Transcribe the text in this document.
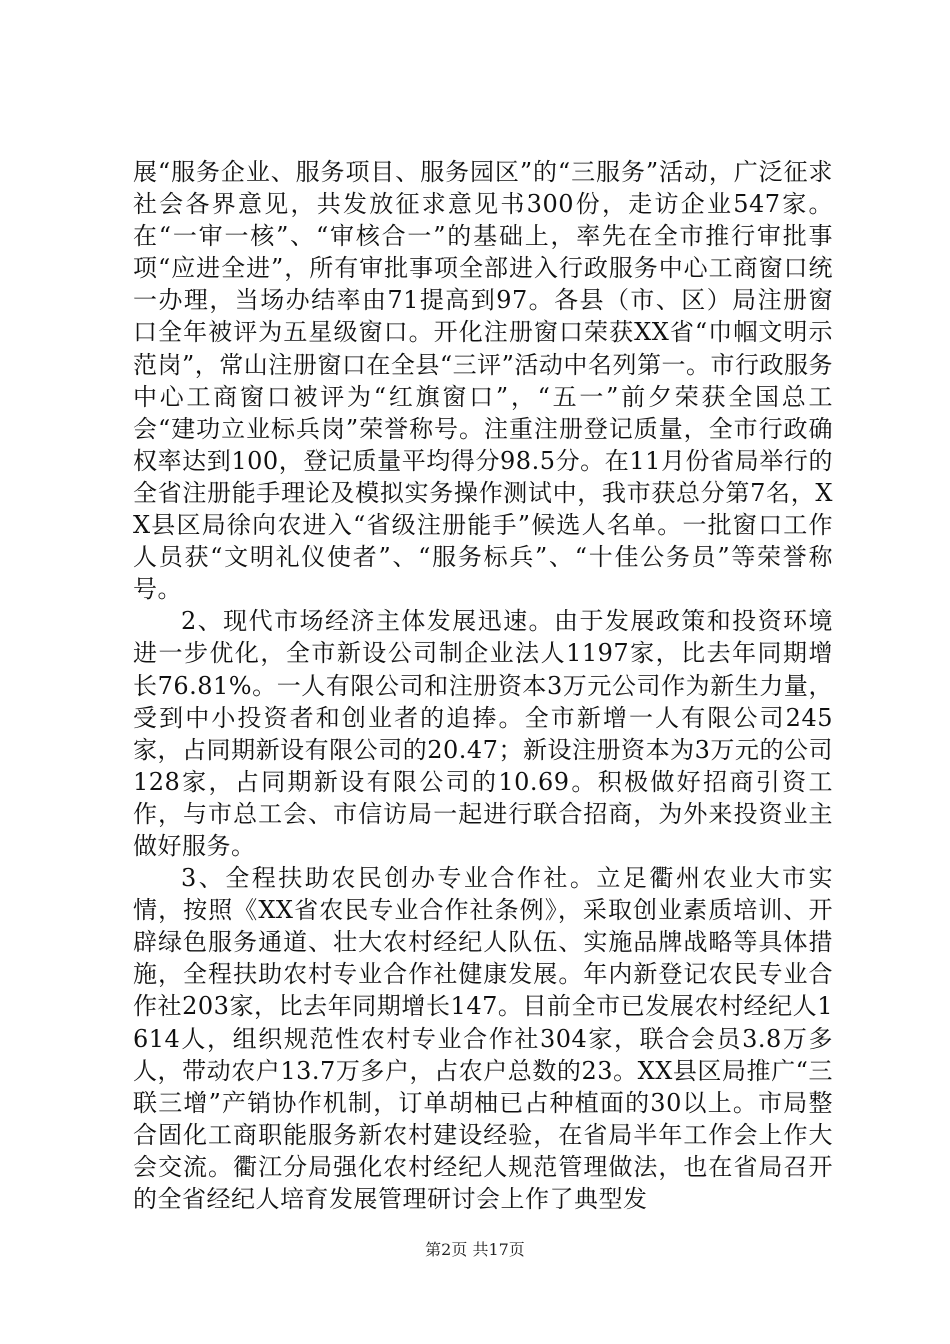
展“服务企业、服务项目、服务园区”的“三服务”活动，广泛征求社会各界意见，共发放征求意见书300份，走访企业547家。在“一审一核”、“审核合一”的基础上，率先在全市推行审批事项“应进全进”，所有审批事项全部进入行政服务中心工商窗口统一办理，当场办结率由71提高到97。各县（市、区）局注册窗口全年被评为五星级窗口。开化注册窗口荣获XX省“巾帼文明示范岗”，常山注册窗口在全县“三评”活动中名列第一。市行政服务中心工商窗口被评为“红旗窗口”，“五一”前夕荣获全国总工会“建功立业标兵岗”荣誉称号。注重注册登记质量，全市行政确权率达到100，登记质量平均得分98.5分。在11月份省局举行的全省注册能手理论及模拟实务操作测试中，我市获总分第7名，XX县区局徐向农进入“省级注册能手”候选人名单。一批窗口工作人员获“文明礼仪使者”、“服务标兵”、“十佳公务员”等荣誉称号。

2、现代市场经济主体发展迅速。由于发展政策和投资环境进一步优化，全市新设公司制企业法人1197家，比去年同期增长76.81%。一人有限公司和注册资本3万元公司作为新生力量，受到中小投资者和创业者的追捧。全市新增一人有限公司245家，占同期新设有限公司的20.47；新设注册资本为3万元的公司128家，占同期新设有限公司的10.69。积极做好招商引资工作，与市总工会、市信访局一起进行联合招商，为外来投资业主做好服务。

3、全程扶助农民创办专业合作社。立足衢州农业大市实情，按照《XX省农民专业合作社条例》，采取创业素质培训、开辟绿色服务通道、壮大农村经纪人队伍、实施品牌战略等具体措施，全程扶助农村专业合作社健康发展。年内新登记农民专业合作社203家，比去年同期增长147。目前全市已发展农村经纪人1614人，组织规范性农村专业合作社304家，联合会员3.8万多人，带动农户13.7万多户，占农户总数的23。XX县区局推广“三联三增”产销协作机制，订单胡柚已占种植面的30以上。市局整合固化工商职能服务新农村建设经验，在省局半年工作会上作大会交流。衢江分局强化农村经纪人规范管理做法，也在省局召开的全省经纪人培育发展管理研讨会上作了典型发

第2页 共17页
